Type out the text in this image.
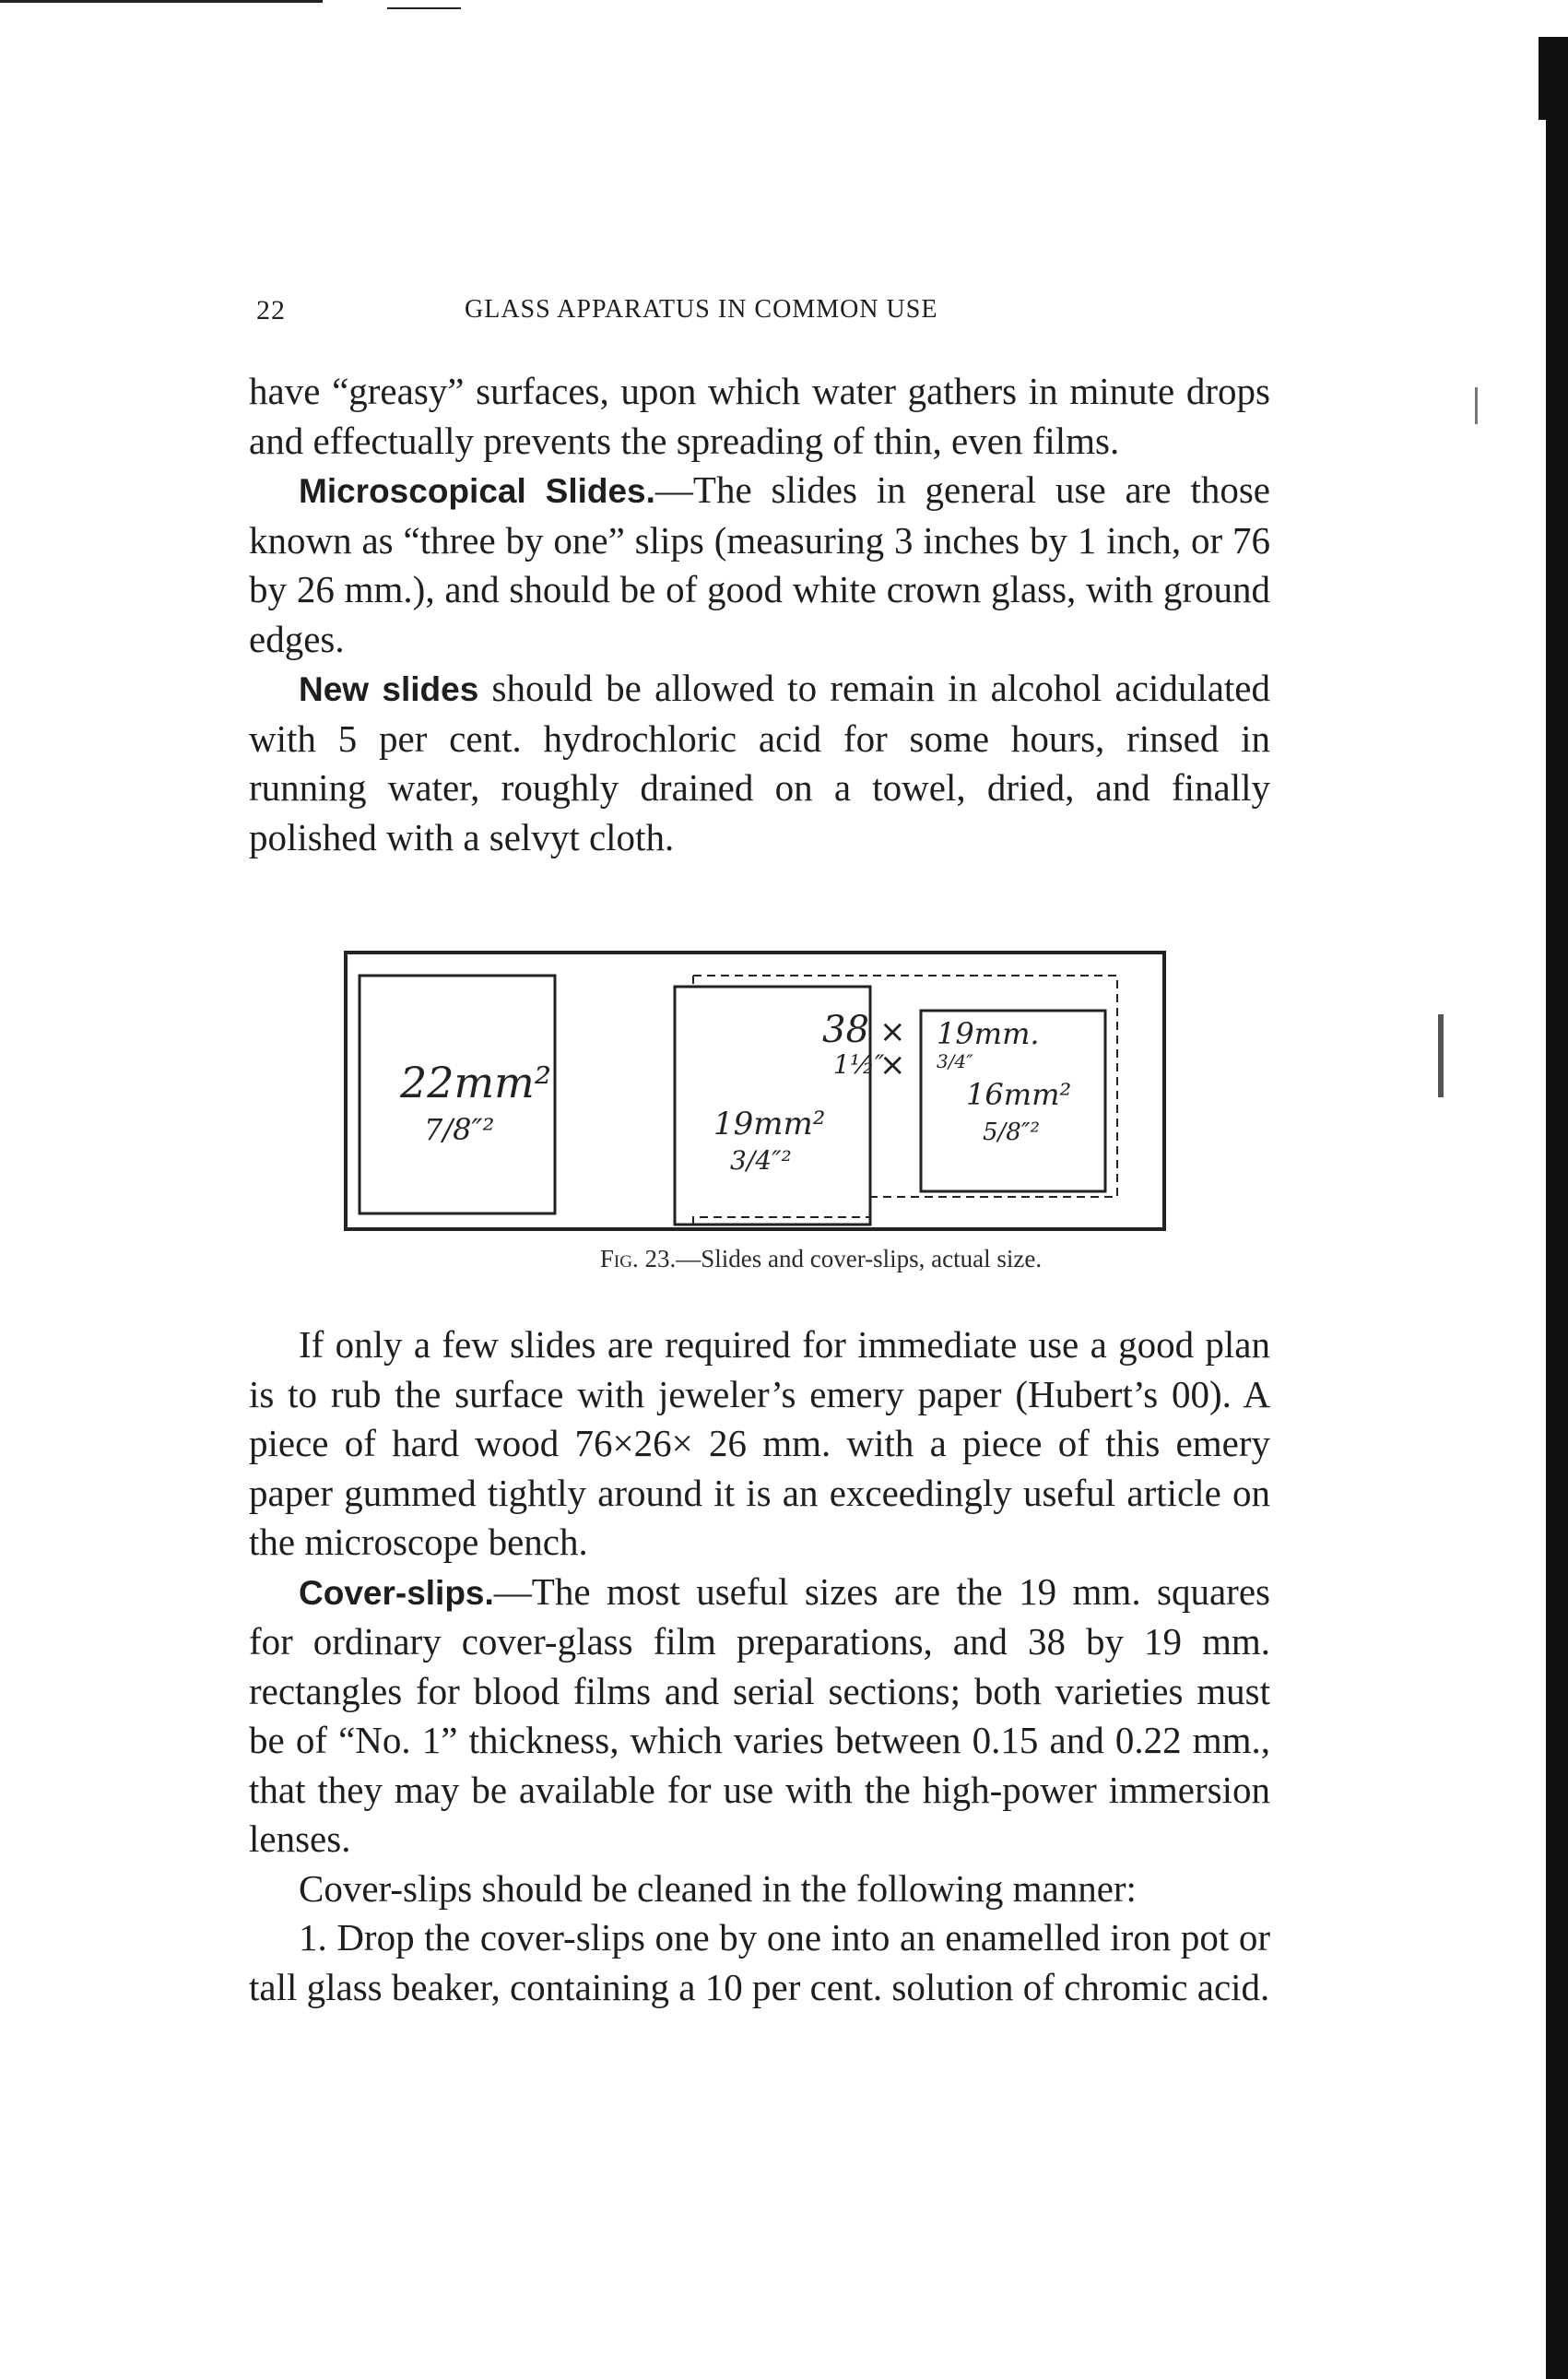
22	GLASS APPARATUS IN COMMON USE

have “greasy” surfaces, upon which water gathers in minute drops and effectually prevents the spreading of thin, even films.

Microscopical Slides.—The slides in general use are those known as “three by one” slips (measuring 3 inches by 1 inch, or 76 by 26 mm.), and should be of good white crown glass, with ground edges.

New slides should be allowed to remain in alcohol acidulated with 5 per cent. hydrochloric acid for some hours, rinsed in running water, roughly drained on a towel, dried, and finally polished with a selvyt cloth.

22mm²
7/8″²
38
1½″
×
×
19mm²
3/4″²
19mm.
3/4″
16mm²
5/8″²
Fig. 23.—Slides and cover-slips, actual size.

If only a few slides are required for immediate use a good plan is to rub the surface with jeweler’s emery paper (Hubert’s 00). A piece of hard wood 76×26× 26 mm. with a piece of this emery paper gummed tightly around it is an exceedingly useful article on the microscope bench.

Cover-slips.—The most useful sizes are the 19 mm. squares for ordinary cover-glass film preparations, and 38 by 19 mm. rectangles for blood films and serial sections; both varieties must be of “No. 1” thickness, which varies between 0.15 and 0.22 mm., that they may be available for use with the high-power immersion lenses.

Cover-slips should be cleaned in the following manner:

1. Drop the cover-slips one by one into an enamelled iron pot or tall glass beaker, containing a 10 per cent. solution of chromic acid.
